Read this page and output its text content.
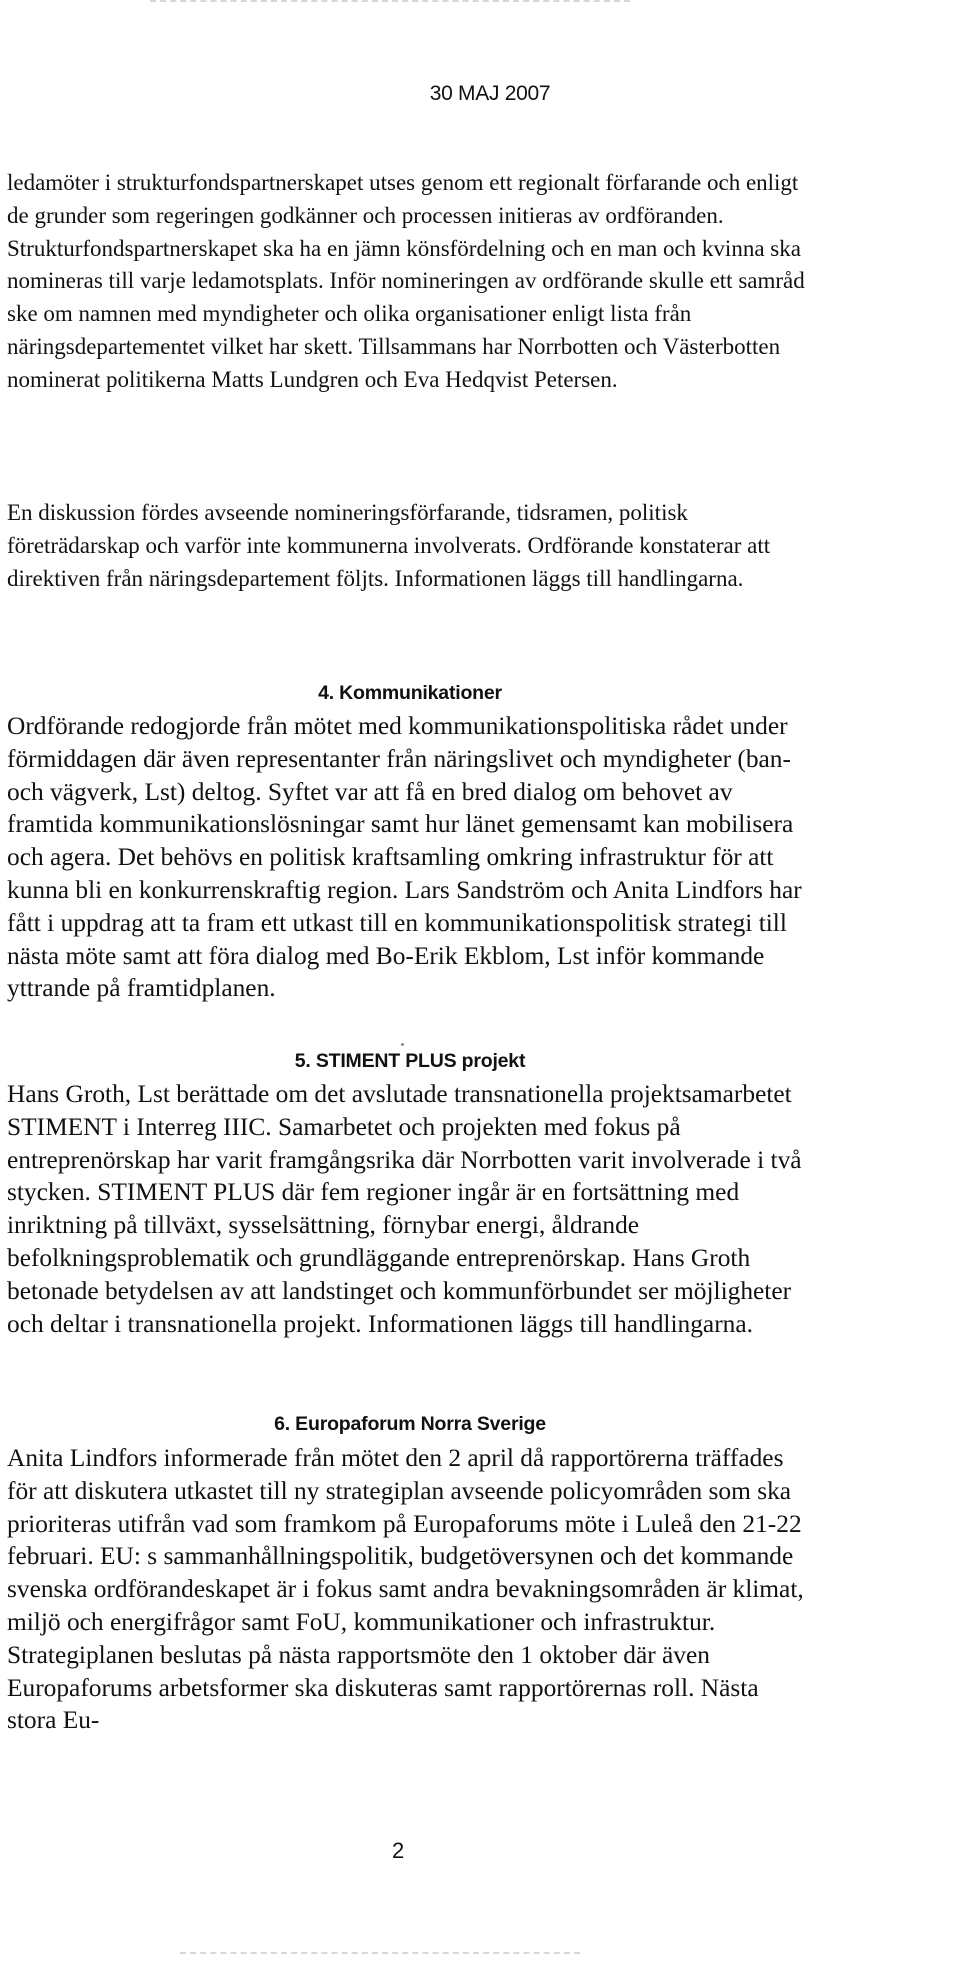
30 MAJ 2007

ledamöter i strukturfondspartnerskapet utses genom ett regionalt förfarande och enligt de grunder som regeringen godkänner och processen initieras av ordföranden. Strukturfondspartnerskapet ska ha en jämn könsfördelning och en man och kvinna ska nomineras till varje ledamotsplats. Inför nomineringen av ordförande skulle ett samråd ske om namnen med myndigheter och olika organisationer enligt lista från näringsdepartementet vilket har skett. Tillsammans har Norrbotten och Västerbotten nominerat politikerna Matts Lundgren och Eva Hedqvist Petersen.

En diskussion fördes avseende nomineringsförfarande, tidsramen, politisk företrädarskap och varför inte kommunerna involverats. Ordförande konstaterar att direktiven från näringsdepartement följts. Informationen läggs till handlingarna.

4. Kommunikationer

Ordförande redogjorde från mötet med kommunikationspolitiska rådet under förmiddagen där även representanter från näringslivet och myndigheter (ban- och vägverk, Lst) deltog. Syftet var att få en bred dialog om behovet av framtida kommunikationslösningar samt hur länet gemensamt kan mobilisera och agera. Det behövs en politisk kraftsamling omkring infrastruktur för att kunna bli en konkurrenskraftig region. Lars Sandström och Anita Lindfors har fått i uppdrag att ta fram ett utkast till en kommunikationspolitisk strategi till nästa möte samt att föra dialog med Bo-Erik Ekblom, Lst inför kommande yttrande på framtidplanen.

5. STIMENT PLUS projekt

Hans Groth, Lst berättade om det avslutade transnationella projektsamarbetet STIMENT i Interreg IIIC. Samarbetet och projekten med fokus på entreprenörskap har varit framgångsrika där Norrbotten varit involverade i två stycken. STIMENT PLUS där fem regioner ingår är en fortsättning med inriktning på tillväxt, sysselsättning, förnybar energi, åldrande befolkningsproblematik och grundläggande entreprenörskap. Hans Groth betonade betydelsen av att landstinget och kommunförbundet ser möjligheter och deltar i transnationella projekt. Informationen läggs till handlingarna.

6. Europaforum Norra Sverige

Anita Lindfors informerade från mötet den 2 april då rapportörerna träffades för att diskutera utkastet till ny strategiplan avseende policyområden som ska prioriteras utifrån vad som framkom på Europaforums möte i Luleå den 21-22 februari. EU: s sammanhållningspolitik, budgetöversynen och det kommande svenska ordförandeskapet är i fokus samt andra bevakningsområden är klimat, miljö och energifrågor samt FoU, kommunikationer och infrastruktur. Strategiplanen beslutas på nästa rapportsmöte den 1 oktober där även Europaforums arbetsformer ska diskuteras samt rapportörernas roll. Nästa stora Eu-

2
